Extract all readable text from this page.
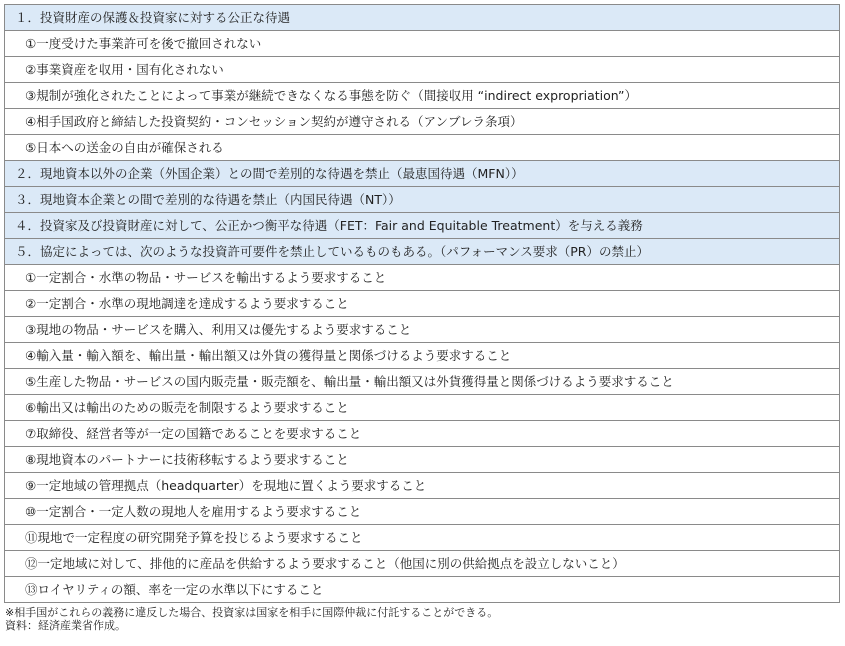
１．投資財産の保護＆投資家に対する公正な待遇
①一度受けた事業許可を後で撤回されない
②事業資産を収用・国有化されない
③規制が強化されたことによって事業が継続できなくなる事態を防ぐ（間接収用 “indirect expropriation”）
④相手国政府と締結した投資契約・コンセッション契約が遵守される（アンブレラ条項）
⑤日本への送金の自由が確保される
２．現地資本以外の企業（外国企業）との間で差別的な待遇を禁止（最恵国待遇（MFN））
３．現地資本企業との間で差別的な待遇を禁止（内国民待遇（NT））
４．投資家及び投資財産に対して、公正かつ衡平な待遇（FET：Fair and Equitable Treatment）を与える義務
５．協定によっては、次のような投資許可要件を禁止しているものもある。（パフォーマンス要求（PR）の禁止）
①一定割合・水準の物品・サービスを輸出するよう要求すること
②一定割合・水準の現地調達を達成するよう要求すること
③現地の物品・サービスを購入、利用又は優先するよう要求すること
④輸入量・輸入額を、輸出量・輸出額又は外貨の獲得量と関係づけるよう要求すること
⑤生産した物品・サービスの国内販売量・販売額を、輸出量・輸出額又は外貨獲得量と関係づけるよう要求すること
⑥輸出又は輸出のための販売を制限するよう要求すること
⑦取締役、経営者等が一定の国籍であることを要求すること
⑧現地資本のパートナーに技術移転するよう要求すること
⑨一定地域の管理拠点（headquarter）を現地に置くよう要求すること
⑩一定割合・一定人数の現地人を雇用するよう要求すること
⑪現地で一定程度の研究開発予算を投じるよう要求すること
⑫一定地域に対して、排他的に産品を供給するよう要求すること（他国に別の供給拠点を設立しないこと）
⑬ロイヤリティの額、率を一定の水準以下にすること
※相手国がこれらの義務に違反した場合、投資家は国家を相手に国際仲裁に付託することができる。
資料：経済産業省作成。
